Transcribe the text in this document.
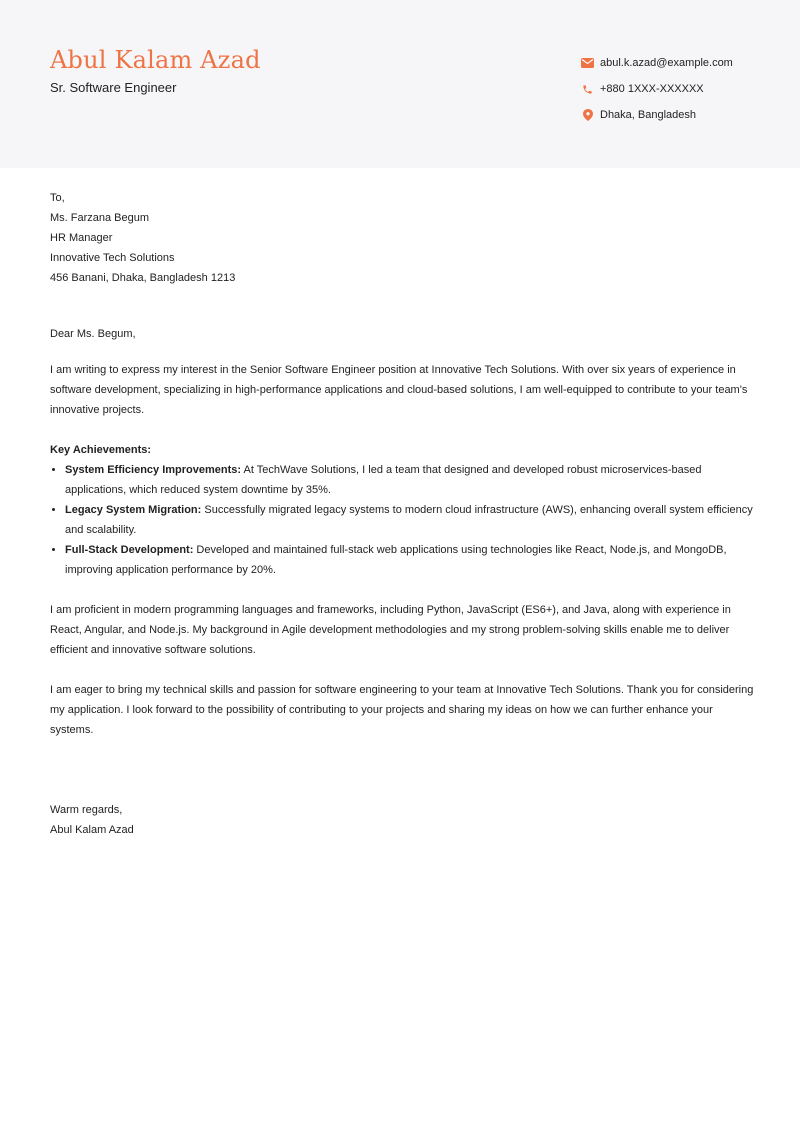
Abul Kalam Azad
Sr. Software Engineer
abul.k.azad@example.com
+880 1XXX-XXXXXX
Dhaka, Bangladesh
To,
Ms. Farzana Begum
HR Manager
Innovative Tech Solutions
456 Banani, Dhaka, Bangladesh 1213
Dear Ms. Begum,
I am writing to express my interest in the Senior Software Engineer position at Innovative Tech Solutions. With over six years of experience in software development, specializing in high-performance applications and cloud-based solutions, I am well-equipped to contribute to your team's innovative projects.
Key Achievements:
• System Efficiency Improvements: At TechWave Solutions, I led a team that designed and developed robust microservices-based applications, which reduced system downtime by 35%.
• Legacy System Migration: Successfully migrated legacy systems to modern cloud infrastructure (AWS), enhancing overall system efficiency and scalability.
• Full-Stack Development: Developed and maintained full-stack web applications using technologies like React, Node.js, and MongoDB, improving application performance by 20%.
I am proficient in modern programming languages and frameworks, including Python, JavaScript (ES6+), and Java, along with experience in React, Angular, and Node.js. My background in Agile development methodologies and my strong problem-solving skills enable me to deliver efficient and innovative software solutions.
I am eager to bring my technical skills and passion for software engineering to your team at Innovative Tech Solutions. Thank you for considering my application. I look forward to the possibility of contributing to your projects and sharing my ideas on how we can further enhance your systems.
Warm regards,
Abul Kalam Azad
